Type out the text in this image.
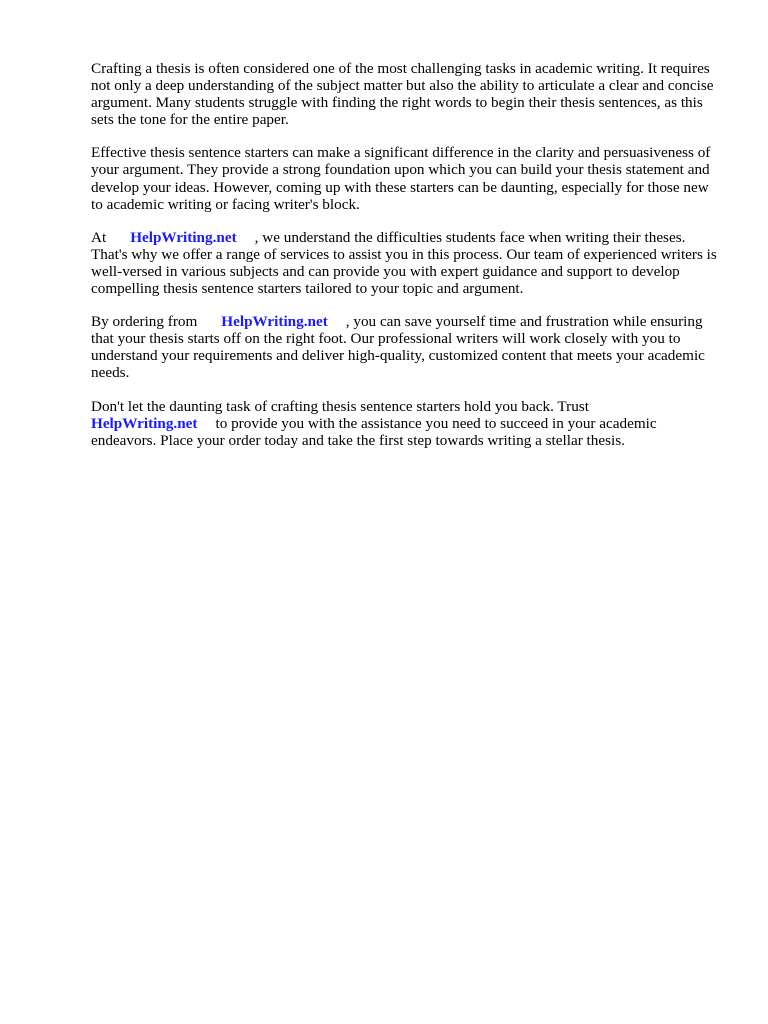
Crafting a thesis is often considered one of the most challenging tasks in academic writing. It requires not only a deep understanding of the subject matter but also the ability to articulate a clear and concise argument. Many students struggle with finding the right words to begin their thesis sentences, as this sets the tone for the entire paper.

Effective thesis sentence starters can make a significant difference in the clarity and persuasiveness of your argument. They provide a strong foundation upon which you can build your thesis statement and develop your ideas. However, coming up with these starters can be daunting, especially for those new to academic writing or facing writer's block.

At HelpWriting.net , we understand the difficulties students face when writing their theses. That's why we offer a range of services to assist you in this process. Our team of experienced writers is well-versed in various subjects and can provide you with expert guidance and support to develop compelling thesis sentence starters tailored to your topic and argument.

By ordering from HelpWriting.net , you can save yourself time and frustration while ensuring that your thesis starts off on the right foot. Our professional writers will work closely with you to understand your requirements and deliver high-quality, customized content that meets your academic needs.

Don't let the daunting task of crafting thesis sentence starters hold you back. Trust
HelpWriting.net to provide you with the assistance you need to succeed in your academic endeavors. Place your order today and take the first step towards writing a stellar thesis.
